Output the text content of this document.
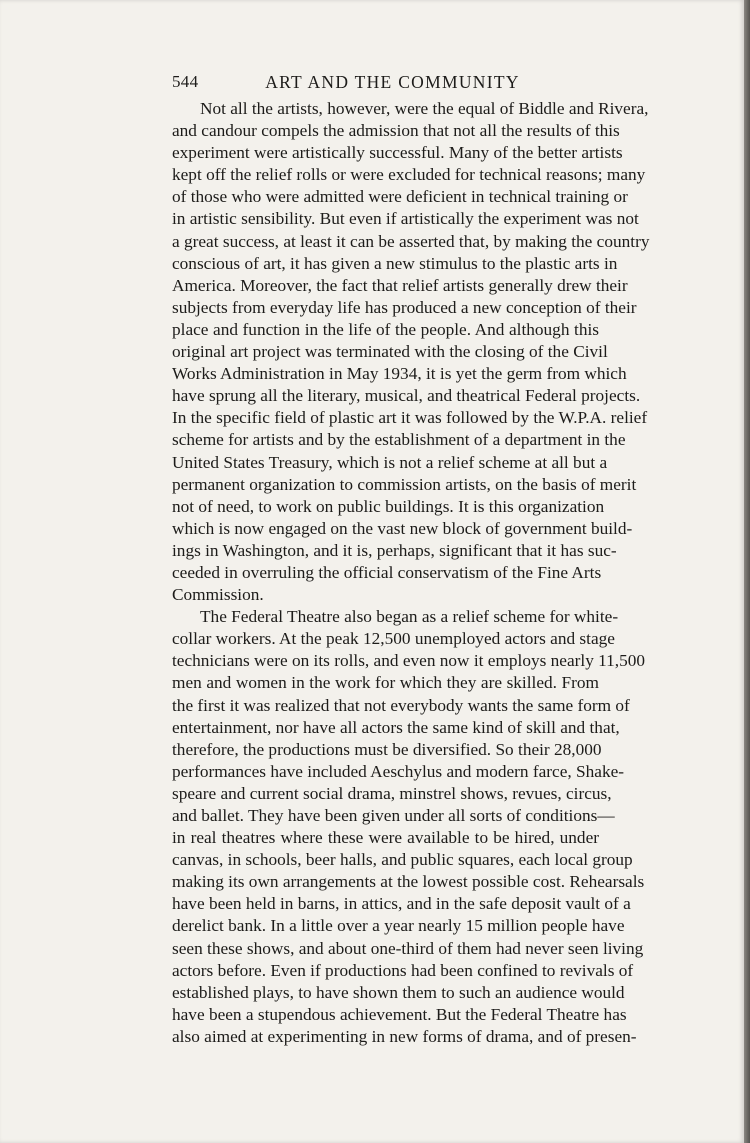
544	ART AND THE COMMUNITY
Not all the artists, however, were the equal of Biddle and Rivera,
and candour compels the admission that not all the results of this
experiment were artistically successful. Many of the better artists
kept off the relief rolls or were excluded for technical reasons; many
of those who were admitted were deficient in technical training or
in artistic sensibility. But even if artistically the experiment was not
a great success, at least it can be asserted that, by making the country
conscious of art, it has given a new stimulus to the plastic arts in
America. Moreover, the fact that relief artists generally drew their
subjects from everyday life has produced a new conception of their
place and function in the life of the people. And although this
original art project was terminated with the closing of the Civil
Works Administration in May 1934, it is yet the germ from which
have sprung all the literary, musical, and theatrical Federal projects.
In the specific field of plastic art it was followed by the W.P.A. relief
scheme for artists and by the establishment of a department in the
United States Treasury, which is not a relief scheme at all but a
permanent organization to commission artists, on the basis of merit
not of need, to work on public buildings. It is this organization
which is now engaged on the vast new block of government build-
ings in Washington, and it is, perhaps, significant that it has suc-
ceeded in overruling the official conservatism of the Fine Arts
Commission.
The Federal Theatre also began as a relief scheme for white-
collar workers. At the peak 12,500 unemployed actors and stage
technicians were on its rolls, and even now it employs nearly 11,500
men and women in the work for which they are skilled. From
the first it was realized that not everybody wants the same form of
entertainment, nor have all actors the same kind of skill and that,
therefore, the productions must be diversified. So their 28,000
performances have included Aeschylus and modern farce, Shake-
speare and current social drama, minstrel shows, revues, circus,
and ballet. They have been given under all sorts of conditions—
in real theatres where these were available to be hired, under
canvas, in schools, beer halls, and public squares, each local group
making its own arrangements at the lowest possible cost. Rehearsals
have been held in barns, in attics, and in the safe deposit vault of a
derelict bank. In a little over a year nearly 15 million people have
seen these shows, and about one-third of them had never seen living
actors before. Even if productions had been confined to revivals of
established plays, to have shown them to such an audience would
have been a stupendous achievement. But the Federal Theatre has
also aimed at experimenting in new forms of drama, and of presen-
